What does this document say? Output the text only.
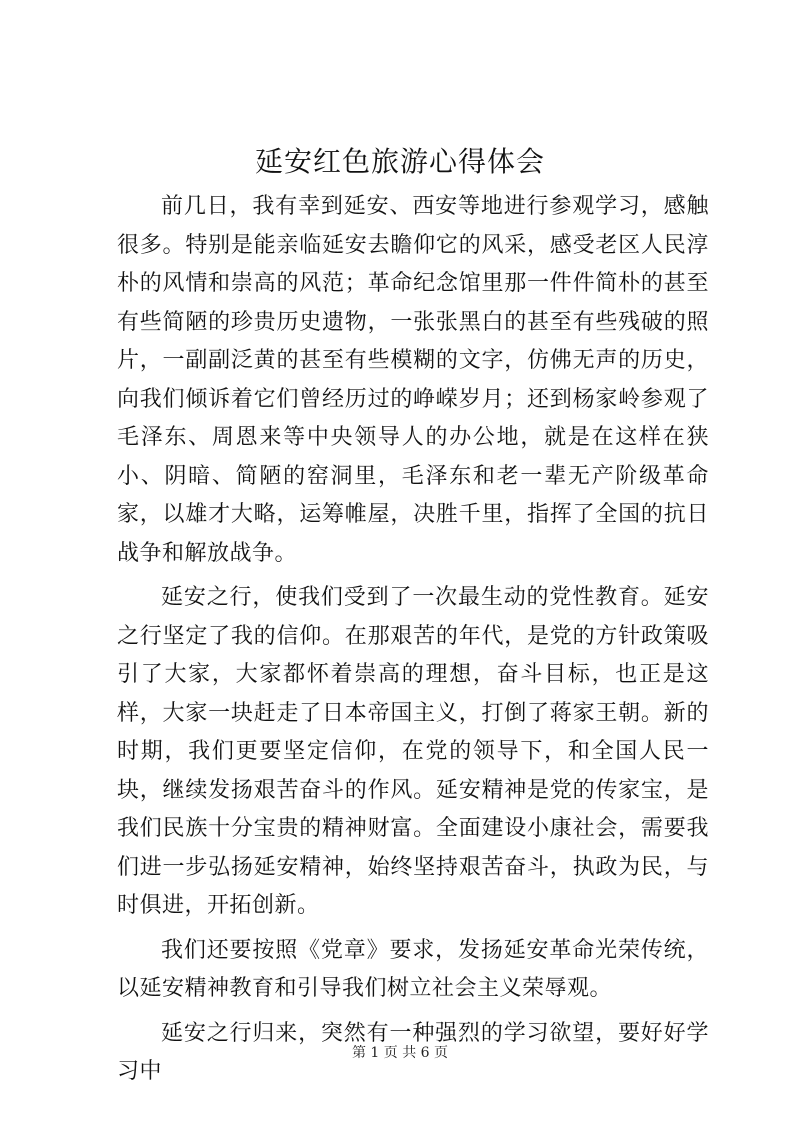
延安红色旅游心得体会

前几日，我有幸到延安、西安等地进行参观学习，感触很多。特别是能亲临延安去瞻仰它的风采，感受老区人民淳朴的风情和崇高的风范；革命纪念馆里那一件件简朴的甚至有些简陋的珍贵历史遗物，一张张黑白的甚至有些残破的照片，一副副泛黄的甚至有些模糊的文字，仿佛无声的历史，向我们倾诉着它们曾经历过的峥嵘岁月；还到杨家岭参观了毛泽东、周恩来等中央领导人的办公地，就是在这样在狭小、阴暗、简陋的窑洞里，毛泽东和老一辈无产阶级革命家，以雄才大略，运筹帷屋，决胜千里，指挥了全国的抗日战争和解放战争。

延安之行，使我们受到了一次最生动的党性教育。延安之行坚定了我的信仰。在那艰苦的年代，是党的方针政策吸引了大家，大家都怀着崇高的理想，奋斗目标，也正是这样，大家一块赶走了日本帝国主义，打倒了蒋家王朝。新的时期，我们更要坚定信仰，在党的领导下，和全国人民一块，继续发扬艰苦奋斗的作风。延安精神是党的传家宝，是我们民族十分宝贵的精神财富。全面建设小康社会，需要我们进一步弘扬延安精神，始终坚持艰苦奋斗，执政为民，与时俱进，开拓创新。

我们还要按照《党章》要求，发扬延安革命光荣传统，以延安精神教育和引导我们树立社会主义荣辱观。

延安之行归来，突然有一种强烈的学习欲望，要好好学习中

第 1 页 共 6 页
